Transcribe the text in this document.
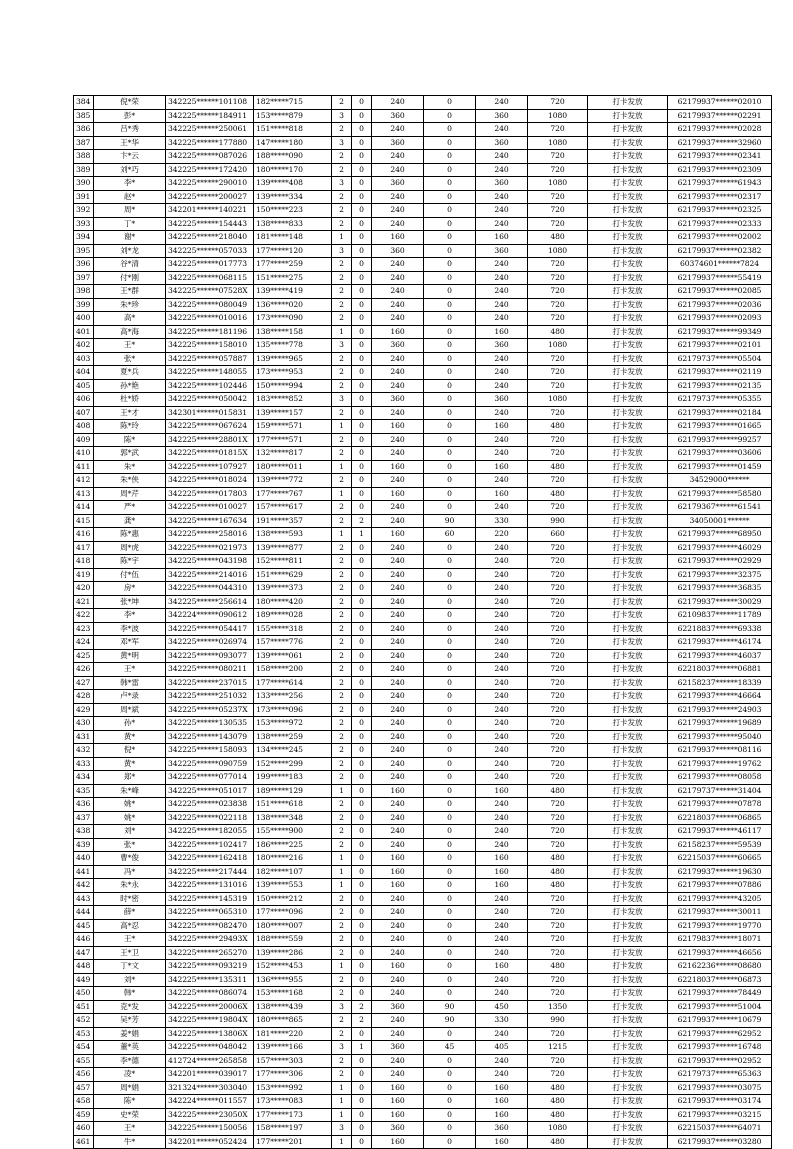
384	倪*荣	342225******101108	182*****715	2	0	240	0	240	720	打卡发放	62179937******02010
385	彭*	342225******184911	153*****879	3	0	360	0	360	1080	打卡发放	62179937******02291
386	吕*秀	342225******250061	151*****818	2	0	240	0	240	720	打卡发放	62179937******02028
387	王*华	342225******177880	147*****180	3	0	360	0	360	1080	打卡发放	62179937******32960
388	卞*云	342225******087026	188*****090	2	0	240	0	240	720	打卡发放	62179937******02341
389	刘*巧	342225******172420	180*****170	2	0	240	0	240	720	打卡发放	62179937******02309
390	李*	342225******290010	139*****408	3	0	360	0	360	1080	打卡发放	62179937******61943
391	赵*	342225******200027	139*****334	2	0	240	0	240	720	打卡发放	62179937******02317
392	周*	342201******140221	150*****223	2	0	240	0	240	720	打卡发放	62179937******02325
393	丁*	342225******154443	138*****833	2	0	240	0	240	720	打卡发放	62179937******02333
394	谢*	342225******218040	181*****148	1	0	160	0	160	480	打卡发放	62179937******02002
395	刘*龙	342225******057033	177*****120	3	0	360	0	360	1080	打卡发放	62179937******02382
396	谷*清	342225******017773	177*****259	2	0	240	0	240	720	打卡发放	60374601******7824
397	付*刚	342225******068115	151*****275	2	0	240	0	240	720	打卡发放	62179937******55419
398	王*群	342225******07528X	139*****419	2	0	240	0	240	720	打卡发放	62179937******02085
399	朱*珍	342225******080049	136*****020	2	0	240	0	240	720	打卡发放	62179937******02036
400	高*	342225******010016	173*****090	2	0	240	0	240	720	打卡发放	62179937******02093
401	高*海	342225******181196	138*****158	1	0	160	0	160	480	打卡发放	62179937******99349
402	王*	342225******158010	135*****778	3	0	360	0	360	1080	打卡发放	62179937******02101
403	张*	342225******057887	139*****965	2	0	240	0	240	720	打卡发放	62179737******05504
404	夏*兵	342225******148055	173*****953	2	0	240	0	240	720	打卡发放	62179937******02119
405	孙*艳	342225******102446	150*****994	2	0	240	0	240	720	打卡发放	62179937******02135
406	杜*娇	342225******050042	183*****852	3	0	360	0	360	1080	打卡发放	62179737******05355
407	王*才	342301******015831	139*****157	2	0	240	0	240	720	打卡发放	62179937******02184
408	陈*玲	342225******067624	159*****571	1	0	160	0	160	480	打卡发放	62179937******01665
409	陈*	342225******28801X	177*****571	2	0	240	0	240	720	打卡发放	62179937******99257
410	郭*武	342225******01815X	132*****817	2	0	240	0	240	720	打卡发放	62179937******03606
411	朱*	342225******107927	180*****011	1	0	160	0	160	480	打卡发放	62179937******01459
412	朱*侠	342225******018024	139*****772	2	0	240	0	240	720	打卡发放	34529000******
413	周*芹	342225******017803	177*****767	1	0	160	0	160	480	打卡发放	62179937******58580
414	严*	342225******010027	157*****617	2	0	240	0	240	720	打卡发放	62179367******61541
415	龚*	342225******167634	191*****357	2	2	240	90	330	990	打卡发放	34050001******
416	陈*惠	342225******258016	138*****593	1	1	160	60	220	660	打卡发放	62179937******68950
417	周*虎	342225******021973	139*****877	2	0	240	0	240	720	打卡发放	62179937******46029
418	陈*宇	342225******043198	152*****811	2	0	240	0	240	720	打卡发放	62179937******02929
419	付*伍	342225******214016	151*****629	2	0	240	0	240	720	打卡发放	62179937******32375
420	房*	342225******044310	139*****373	2	0	240	0	240	720	打卡发放	62179937******36835
421	张*坤	342225******256614	180*****420	2	0	240	0	240	720	打卡发放	62179937******30029
422	李*	342224******090612	189*****028	2	0	240	0	240	720	打卡发放	62109837******11789
423	李*波	342225******054417	155*****318	2	0	240	0	240	720	打卡发放	62218837******69338
424	邓*军	342225******026974	157*****776	2	0	240	0	240	720	打卡发放	62179937******46174
425	黄*明	342225******093077	139*****061	2	0	240	0	240	720	打卡发放	62179937******46037
426	王*	342225******080211	158*****200	2	0	240	0	240	720	打卡发放	62218037******06881
427	韩*雷	342225******237015	177*****614	2	0	240	0	240	720	打卡发放	62158237******18339
428	卢*录	342225******251032	133*****256	2	0	240	0	240	720	打卡发放	62179937******46664
429	周*斌	342225******05237X	173*****096	2	0	240	0	240	720	打卡发放	62179937******24903
430	孙*	342225******130535	153*****972	2	0	240	0	240	720	打卡发放	62179937******19689
431	黄*	342225******143079	138*****259	2	0	240	0	240	720	打卡发放	62179937******95040
432	倪*	342225******158093	134*****245	2	0	240	0	240	720	打卡发放	62179937******08116
433	黄*	342225******090759	152*****299	2	0	240	0	240	720	打卡发放	62179937******19762
434	郑*	342225******077014	199*****183	2	0	240	0	240	720	打卡发放	62179937******08058
435	朱*峰	342225******051017	189*****129	1	0	160	0	160	480	打卡发放	62179737******31404
436	姚*	342225******023838	151*****618	2	0	240	0	240	720	打卡发放	62179937******07878
437	姚*	342225******022118	138*****348	2	0	240	0	240	720	打卡发放	62218037******06865
438	刘*	342225******182055	155*****900	2	0	240	0	240	720	打卡发放	62179937******46117
439	张*	342225******102417	186*****225	2	0	240	0	240	720	打卡发放	62158237******59539
440	曹*俊	342225******162418	180*****216	1	0	160	0	160	480	打卡发放	62215037******60665
441	冯*	342225******217444	182*****107	1	0	160	0	160	480	打卡发放	62179937******19630
442	朱*永	342225******131016	139*****553	1	0	160	0	160	480	打卡发放	62179937******07886
443	时*密	342225******145319	150*****212	2	0	240	0	240	720	打卡发放	62179937******43205
444	薛*	342225******065310	177*****096	2	0	240	0	240	720	打卡发放	62179937******30011
445	高*忍	342225******082470	180*****007	2	0	240	0	240	720	打卡发放	62179937******19770
446	王*	342225******29493X	188*****559	2	0	240	0	240	720	打卡发放	62179837******18071
447	王*卫	342225******265270	139*****286	2	0	240	0	240	720	打卡发放	62179937******46656
448	丁*文	342225******093219	152*****453	1	0	160	0	160	480	打卡发放	62162236******08680
449	刘*	342225******135311	136*****955	2	0	240	0	240	720	打卡发放	62218037******06873
450	韩*	342225******086074	153*****168	2	0	240	0	240	720	打卡发放	62179937******78449
451	克*发	342225******20006X	138*****439	3	2	360	90	450	1350	打卡发放	62179937******51004
452	吴*芳	342225******19804X	180*****865	2	2	240	90	330	990	打卡发放	62179937******10679
453	姜*娟	342225******13806X	181*****220	2	0	240	0	240	720	打卡发放	62179937******62952
454	董*英	342225******048042	139*****166	3	1	360	45	405	1215	打卡发放	62179937******16748
455	李*德	412724******265858	157*****303	2	0	240	0	240	720	打卡发放	62179937******02952
456	凌*	342201******039017	177*****306	2	0	240	0	240	720	打卡发放	62179737******65363
457	周*娟	321324******303040	153*****992	1	0	160	0	160	480	打卡发放	62179937******03075
458	陈*	342224******011557	173*****083	1	0	160	0	160	480	打卡发放	62179937******03174
459	史*荣	342225******23050X	177*****173	1	0	160	0	160	480	打卡发放	62179937******03215
460	王*	342225******150056	158*****197	3	0	360	0	360	1080	打卡发放	62215037******64071
461	牛*	342201******052424	177*****201	1	0	160	0	160	480	打卡发放	62179937******03280
